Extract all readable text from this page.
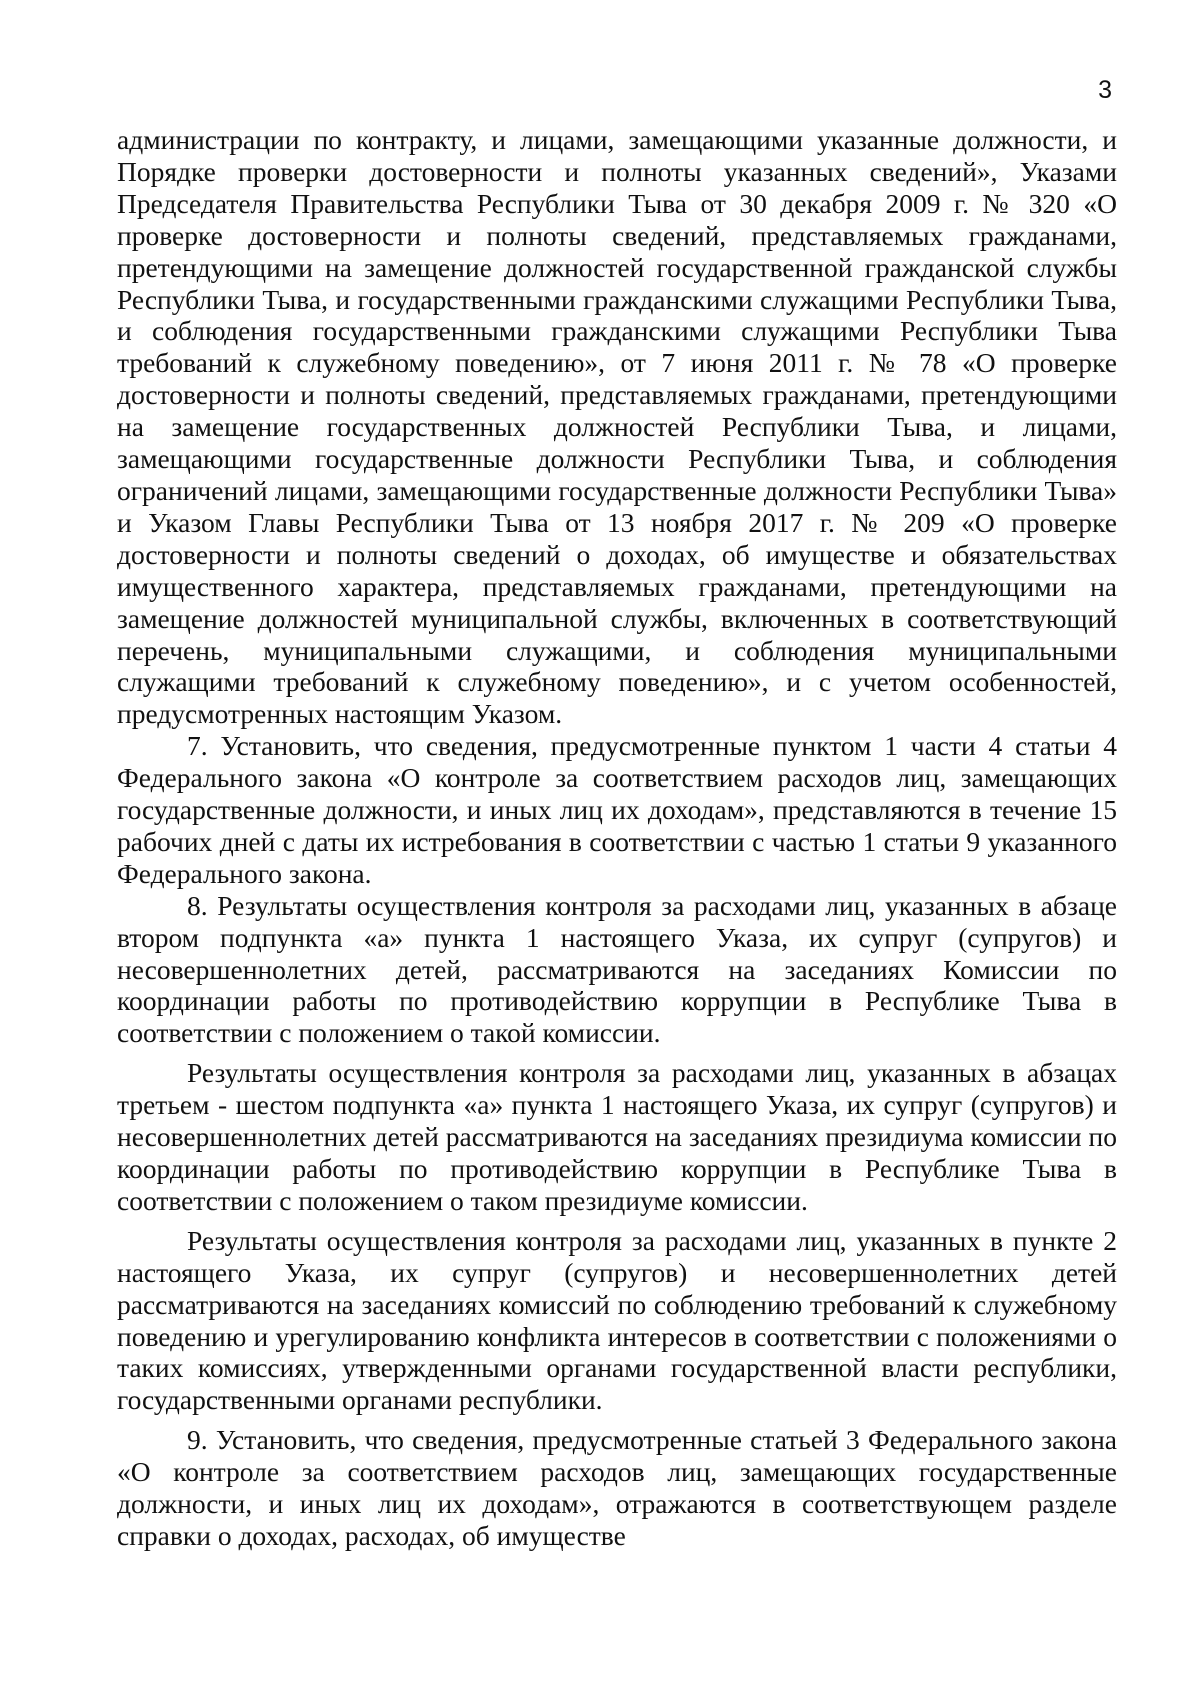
3

администрации по контракту, и лицами, замещающими указанные должности, и Порядке проверки достоверности и полноты указанных сведений», Указами Председателя Правительства Республики Тыва от 30 декабря 2009 г. № 320 «О проверке достоверности и полноты сведений, представляемых гражданами, претендующими на замещение должностей государственной гражданской службы Республики Тыва, и государственными гражданскими служащими Республики Тыва, и соблюдения государственными гражданскими служащими Республики Тыва требований к служебному поведению», от 7 июня 2011 г. № 78 «О проверке достоверности и полноты сведений, представляемых гражданами, претендующими на замещение государственных должностей Республики Тыва, и лицами, замещающими государственные должности Республики Тыва, и соблюдения ограничений лицами, замещающими государственные должности Республики Тыва» и Указом Главы Республики Тыва от 13 ноября 2017 г. № 209 «О проверке достоверности и полноты сведений о доходах, об имуществе и обязательствах имущественного характера, представляемых гражданами, претендующими на замещение должностей муниципальной службы, включенных в соответствующий перечень, муниципальными служащими, и соблюдения муниципальными служащими требований к служебному поведению», и с учетом особенностей, предусмотренных настоящим Указом.

7. Установить, что сведения, предусмотренные пунктом 1 части 4 статьи 4 Федерального закона «О контроле за соответствием расходов лиц, замещающих государственные должности, и иных лиц их доходам», представляются в течение 15 рабочих дней с даты их истребования в соответствии с частью 1 статьи 9 указанного Федерального закона.

8. Результаты осуществления контроля за расходами лиц, указанных в абзаце втором подпункта «а» пункта 1 настоящего Указа, их супруг (супругов) и несовершеннолетних детей, рассматриваются на заседаниях Комиссии по координации работы по противодействию коррупции в Республике Тыва в соответствии с положением о такой комиссии.

Результаты осуществления контроля за расходами лиц, указанных в абзацах третьем - шестом подпункта «а» пункта 1 настоящего Указа, их супруг (супругов) и несовершеннолетних детей рассматриваются на заседаниях президиума комиссии по координации работы по противодействию коррупции в Республике Тыва в соответствии с положением о таком президиуме комиссии.

Результаты осуществления контроля за расходами лиц, указанных в пункте 2 настоящего Указа, их супруг (супругов) и несовершеннолетних детей рассматриваются на заседаниях комиссий по соблюдению требований к служебному поведению и урегулированию конфликта интересов в соответствии с положениями о таких комиссиях, утвержденными органами государственной власти республики, государственными органами республики.

9. Установить, что сведения, предусмотренные статьей 3 Федерального закона «О контроле за соответствием расходов лиц, замещающих государственные должности, и иных лиц их доходам», отражаются в соответствующем разделе справки о доходах, расходах, об имуществе
